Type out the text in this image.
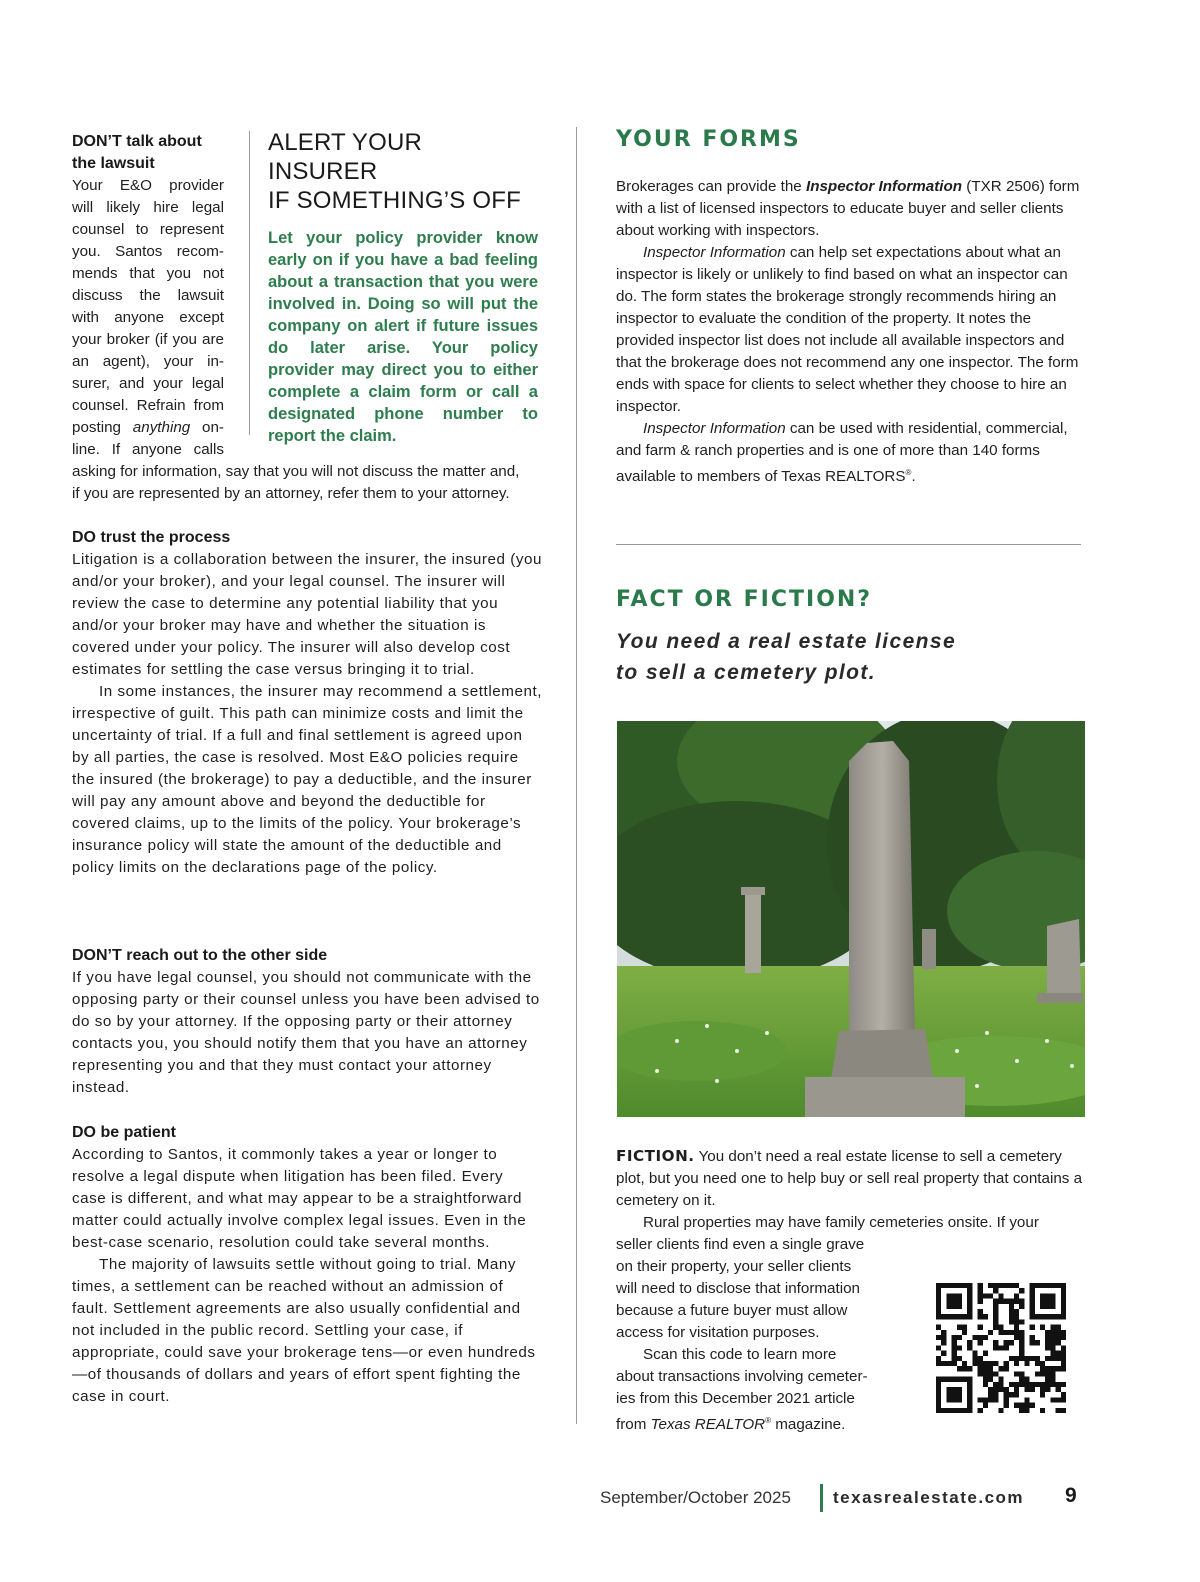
DON’T talk about the lawsuit
Your E&O provider
will likely hire legal
counsel to represent
you. Santos recom-
mends that you not
discuss the lawsuit
with anyone except
your broker (if you are
an agent), your in-
surer, and your legal
counsel. Refrain from
posting anything on-
line. If anyone calls
asking for information, say that you will not discuss the matter and,
if you are represented by an attorney, refer them to your attorney.
ALERT YOUR INSURER
IF SOMETHING’S OFF

Let your policy provider know early on if you have a bad feeling about a transaction that you were involved in. Doing so will put the company on alert if future issues do later arise. Your policy provider may direct you to either complete a claim form or call a designated phone number to report the claim.

DO trust the process

Litigation is a collaboration between the insurer, the insured (you and/or your broker), and your legal counsel. The insurer will review the case to determine any potential liability that you and/or your broker may have and whether the situation is covered under your policy. The insurer will also develop cost estimates for settling the case versus bringing it to trial.

In some instances, the insurer may recommend a settlement, irrespective of guilt. This path can minimize costs and limit the uncertainty of trial. If a full and final settlement is agreed upon by all parties, the case is resolved. Most E&O policies require the insured (the brokerage) to pay a deductible, and the insurer will pay any amount above and beyond the deductible for covered claims, up to the limits of the policy. Your brokerage’s insurance policy will state the amount of the deductible and policy limits on the declarations page of the policy.

DON’T reach out to the other side

If you have legal counsel, you should not communicate with the opposing party or their counsel unless you have been advised to do so by your attorney. If the opposing party or their attorney contacts you, you should notify them that you have an attorney representing you and that they must contact your attorney instead.

DO be patient

According to Santos, it commonly takes a year or longer to resolve a legal dispute when litigation has been filed. Every case is different, and what may appear to be a straightforward matter could actually involve complex legal issues. Even in the best-case scenario, resolution could take several months.

The majority of lawsuits settle without going to trial. Many times, a settlement can be reached without an admission of fault. Settlement agreements are also usually confidential and not included in the public record. Settling your case, if appropriate, could save your brokerage tens—or even hundreds—of thousands of dollars and years of effort spent fighting the case in court.

YOUR FORMS

Brokerages can provide the Inspector Information (TXR 2506) form with a list of licensed inspectors to educate buyer and seller clients about working with inspectors.

Inspector Information can help set expectations about what an inspector is likely or unlikely to find based on what an inspector can do. The form states the brokerage strongly recommends hiring an inspector to evaluate the condition of the property. It notes the provided inspector list does not include all available inspectors and that the brokerage does not recommend any one inspector. The form ends with space for clients to select whether they choose to hire an inspector.

Inspector Information can be used with residential, commercial, and farm & ranch properties and is one of more than 140 forms available to members of Texas REALTORS®.

FACT OR FICTION?
You need a real estate license
to sell a cemetery plot.

FICTION. You don’t need a real estate license to sell a cemetery plot, but you need one to help buy or sell real property that contains a cemetery on it.

Rural properties may have family cemeteries onsite. If your

seller clients find even a single grave
on their property, your seller clients
will need to disclose that information
because a future buyer must allow
access for visitation purposes.
Scan this code to learn more
about transactions involving cemeter-
ies from this December 2021 article
from Texas REALTOR® magazine.
September/October 2025 texasrealestate.com 9
